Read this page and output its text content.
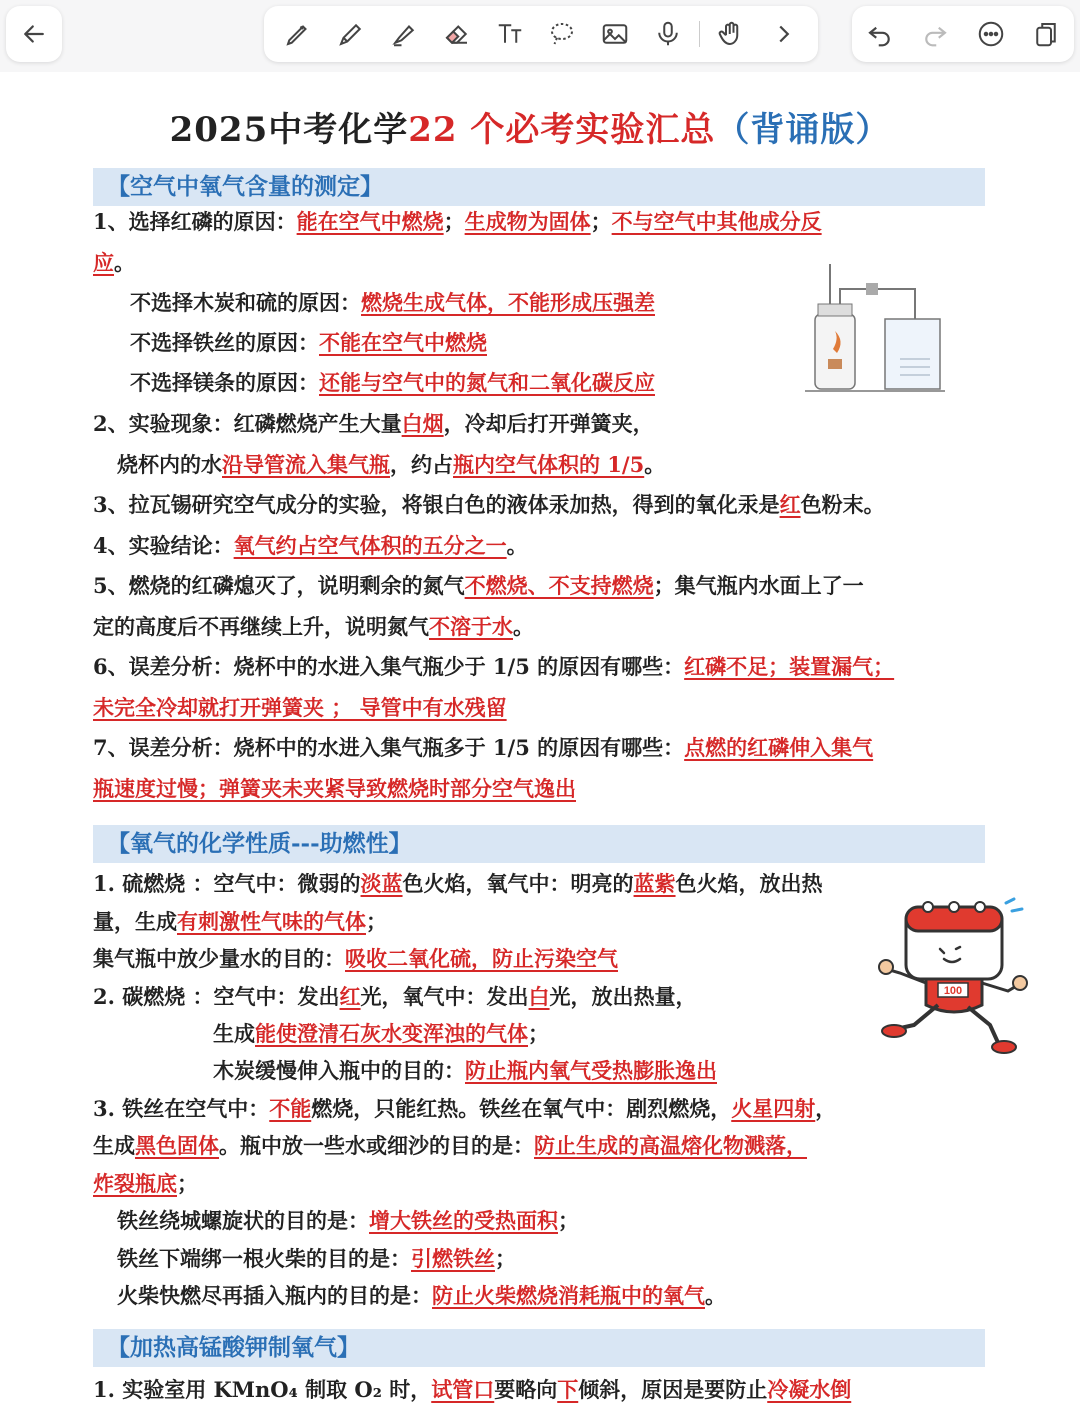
2025中考化学22 个必考实验汇总（背诵版）
【空气中氧气含量的测定】
1、选择红磷的原因：能在空气中燃烧；生成物为固体；不与空气中其他成分反
应。
不选择木炭和硫的原因：燃烧生成气体，不能形成压强差
不选择铁丝的原因：不能在空气中燃烧
不选择镁条的原因：还能与空气中的氮气和二氧化碳反应
2、实验现象：红磷燃烧产生大量白烟，冷却后打开弹簧夹，
烧杯内的水沿导管流入集气瓶，约占瓶内空气体积的 1/5。
3、拉瓦锡研究空气成分的实验，将银白色的液体汞加热，得到的氧化汞是红色粉末。
4、实验结论：氧气约占空气体积的五分之一。
5、燃烧的红磷熄灭了，说明剩余的氮气不燃烧、不支持燃烧；集气瓶内水面上了一
定的高度后不再继续上升，说明氮气不溶于水。
6、误差分析：烧杯中的水进入集气瓶少于 1/5 的原因有哪些：红磷不足；装置漏气；
未完全冷却就打开弹簧夹 ； 导管中有水残留
7、误差分析：烧杯中的水进入集气瓶多于 1/5 的原因有哪些：点燃的红磷伸入集气
瓶速度过慢；弹簧夹未夹紧导致燃烧时部分空气逸出
【氧气的化学性质---助燃性】
1. 硫燃烧 ：空气中：微弱的淡蓝色火焰，氧气中：明亮的蓝紫色火焰，放出热
量，生成有刺激性气味的气体；
集气瓶中放少量水的目的：吸收二氧化硫，防止污染空气
2. 碳燃烧 ：空气中：发出红光，氧气中：发出白光，放出热量，
生成能使澄清石灰水变浑浊的气体；
木炭缓慢伸入瓶中的目的：防止瓶内氧气受热膨胀逸出
100
3. 铁丝在空气中：不能燃烧，只能红热。铁丝在氧气中：剧烈燃烧，火星四射，
生成黑色固体。瓶中放一些水或细沙的目的是：防止生成的高温熔化物溅落，
炸裂瓶底；
铁丝绕城螺旋状的目的是：增大铁丝的受热面积；
铁丝下端绑一根火柴的目的是：引燃铁丝；
火柴快燃尽再插入瓶内的目的是：防止火柴燃烧消耗瓶中的氧气。
【加热高锰酸钾制氧气】
1. 实验室用 KMnO₄ 制取 O₂ 时，试管口要略向下倾斜，原因是要防止冷凝水倒
